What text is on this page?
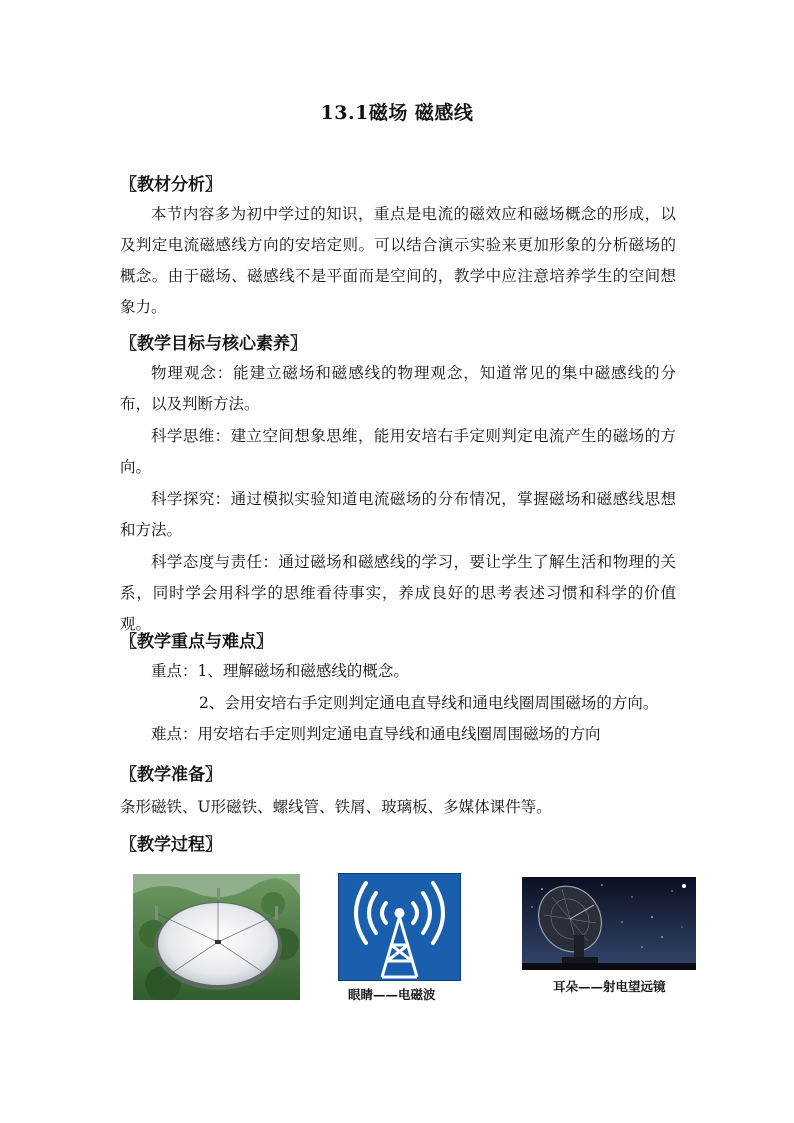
13.1磁场 磁感线
〖教材分析〗
本节内容多为初中学过的知识，重点是电流的磁效应和磁场概念的形成，以及判定电流磁感线方向的安培定则。可以结合演示实验来更加形象的分析磁场的概念。由于磁场、磁感线不是平面而是空间的，教学中应注意培养学生的空间想象力。
〖教学目标与核心素养〗
物理观念：能建立磁场和磁感线的物理观念，知道常见的集中磁感线的分布，以及判断方法。
科学思维：建立空间想象思维，能用安培右手定则判定电流产生的磁场的方向。
科学探究：通过模拟实验知道电流磁场的分布情况，掌握磁场和磁感线思想和方法。
科学态度与责任：通过磁场和磁感线的学习，要让学生了解生活和物理的关系，同时学会用科学的思维看待事实，养成良好的思考表述习惯和科学的价值观。
〖教学重点与难点〗
重点：1、理解磁场和磁感线的概念。
2、会用安培右手定则判定通电直导线和通电线圈周围磁场的方向。
难点：用安培右手定则判定通电直导线和通电线圈周围磁场的方向
〖教学准备〗
条形磁铁、U形磁铁、螺线管、铁屑、玻璃板、多媒体课件等。
〖教学过程〗
眼睛——电磁波
耳朵——射电望远镜
